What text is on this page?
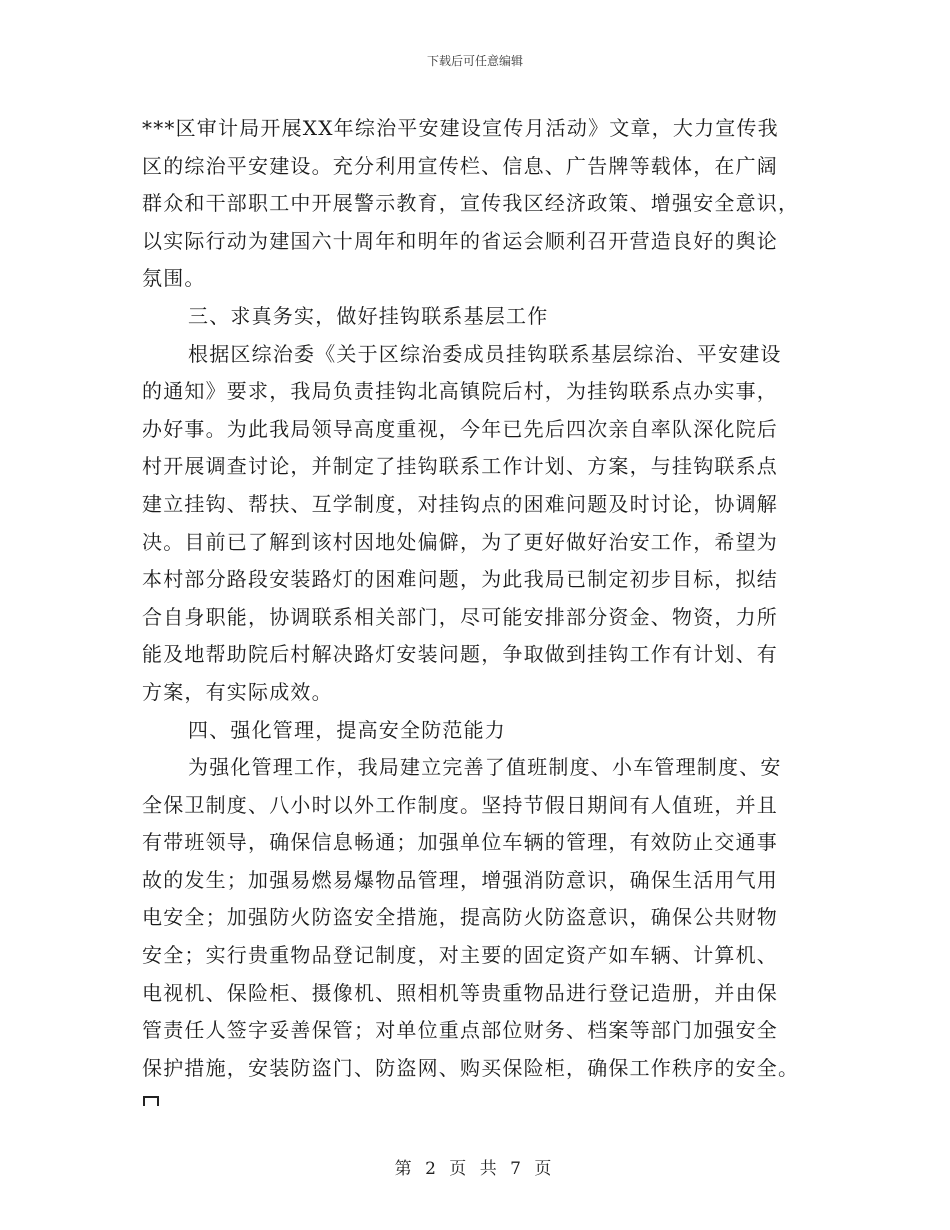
下载后可任意编辑
***区审计局开展XX年综治平安建设宣传月活动》文章，大力宣传我
区的综治平安建设。充分利用宣传栏、信息、广告牌等载体，在广阔
群众和干部职工中开展警示教育，宣传我区经济政策、增强安全意识，
以实际行动为建国六十周年和明年的省运会顺利召开营造良好的舆论
氛围。
三、求真务实，做好挂钩联系基层工作
根据区综治委《关于区综治委成员挂钩联系基层综治、平安建设
的通知》要求，我局负责挂钩北高镇院后村，为挂钩联系点办实事，
办好事。为此我局领导高度重视，今年已先后四次亲自率队深化院后
村开展调查讨论，并制定了挂钩联系工作计划、方案，与挂钩联系点
建立挂钩、帮扶、互学制度，对挂钩点的困难问题及时讨论，协调解
决。目前已了解到该村因地处偏僻，为了更好做好治安工作，希望为
本村部分路段安装路灯的困难问题，为此我局已制定初步目标，拟结
合自身职能，协调联系相关部门，尽可能安排部分资金、物资，力所
能及地帮助院后村解决路灯安装问题，争取做到挂钩工作有计划、有
方案，有实际成效。
四、强化管理，提高安全防范能力
为强化管理工作，我局建立完善了值班制度、小车管理制度、安
全保卫制度、八小时以外工作制度。坚持节假日期间有人值班，并且
有带班领导，确保信息畅通；加强单位车辆的管理，有效防止交通事
故的发生；加强易燃易爆物品管理，增强消防意识，确保生活用气用
电安全；加强防火防盗安全措施，提高防火防盗意识，确保公共财物
安全；实行贵重物品登记制度，对主要的固定资产如车辆、计算机、
电视机、保险柜、摄像机、照相机等贵重物品进行登记造册，并由保
管责任人签字妥善保管；对单位重点部位财务、档案等部门加强安全
保护措施，安装防盗门、防盗网、购买保险柜，确保工作秩序的安全。
第 2 页 共 7 页
